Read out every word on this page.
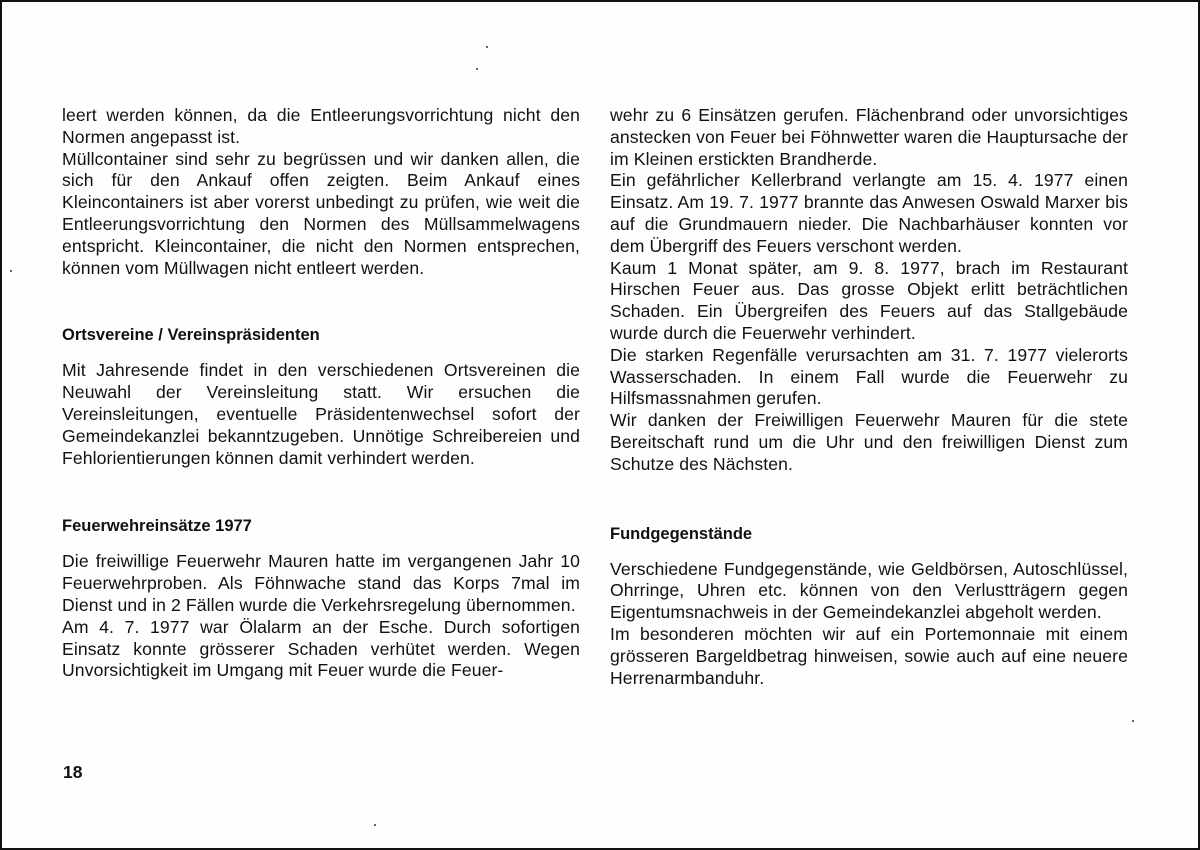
leert werden können, da die Entleerungsvorrichtung nicht den Normen angepasst ist.

Müllcontainer sind sehr zu begrüssen und wir danken allen, die sich für den Ankauf offen zeigten. Beim Ankauf eines Kleincontainers ist aber vorerst unbedingt zu prüfen, wie weit die Entleerungsvorrichtung den Normen des Müllsammelwagens entspricht. Kleincontainer, die nicht den Normen entsprechen, können vom Müllwagen nicht entleert werden.

Ortsvereine / Vereinspräsidenten

Mit Jahresende findet in den verschiedenen Ortsvereinen die Neuwahl der Vereinsleitung statt. Wir ersuchen die Vereinsleitungen, eventuelle Präsidentenwechsel sofort der Gemeindekanzlei bekanntzugeben. Unnötige Schreibereien und Fehlorientierungen können damit verhindert werden.

Feuerwehreinsätze 1977

Die freiwillige Feuerwehr Mauren hatte im vergangenen Jahr 10 Feuerwehrproben. Als Föhnwache stand das Korps 7mal im Dienst und in 2 Fällen wurde die Verkehrsregelung übernommen.

Am 4. 7. 1977 war Ölalarm an der Esche. Durch sofortigen Einsatz konnte grösserer Schaden verhütet werden. Wegen Unvorsichtigkeit im Umgang mit Feuer wurde die Feuer-

wehr zu 6 Einsätzen gerufen. Flächenbrand oder unvorsichtiges anstecken von Feuer bei Föhnwetter waren die Hauptursache der im Kleinen erstickten Brandherde.

Ein gefährlicher Kellerbrand verlangte am 15. 4. 1977 einen Einsatz. Am 19. 7. 1977 brannte das Anwesen Oswald Marxer bis auf die Grundmauern nieder. Die Nachbarhäuser konnten vor dem Übergriff des Feuers verschont werden.

Kaum 1 Monat später, am 9. 8. 1977, brach im Restaurant Hirschen Feuer aus. Das grosse Objekt erlitt beträchtlichen Schaden. Ein Übergreifen des Feuers auf das Stallgebäude wurde durch die Feuerwehr verhindert.

Die starken Regenfälle verursachten am 31. 7. 1977 vielerorts Wasserschaden. In einem Fall wurde die Feuerwehr zu Hilfsmassnahmen gerufen.

Wir danken der Freiwilligen Feuerwehr Mauren für die stete Bereitschaft rund um die Uhr und den freiwilligen Dienst zum Schutze des Nächsten.

Fundgegenstände

Verschiedene Fundgegenstände, wie Geldbörsen, Autoschlüssel, Ohrringe, Uhren etc. können von den Verlustträgern gegen Eigentumsnachweis in der Gemeindekanzlei abgeholt werden.

Im besonderen möchten wir auf ein Portemonnaie mit einem grösseren Bargeldbetrag hinweisen, sowie auch auf eine neuere Herrenarmbanduhr.

18
